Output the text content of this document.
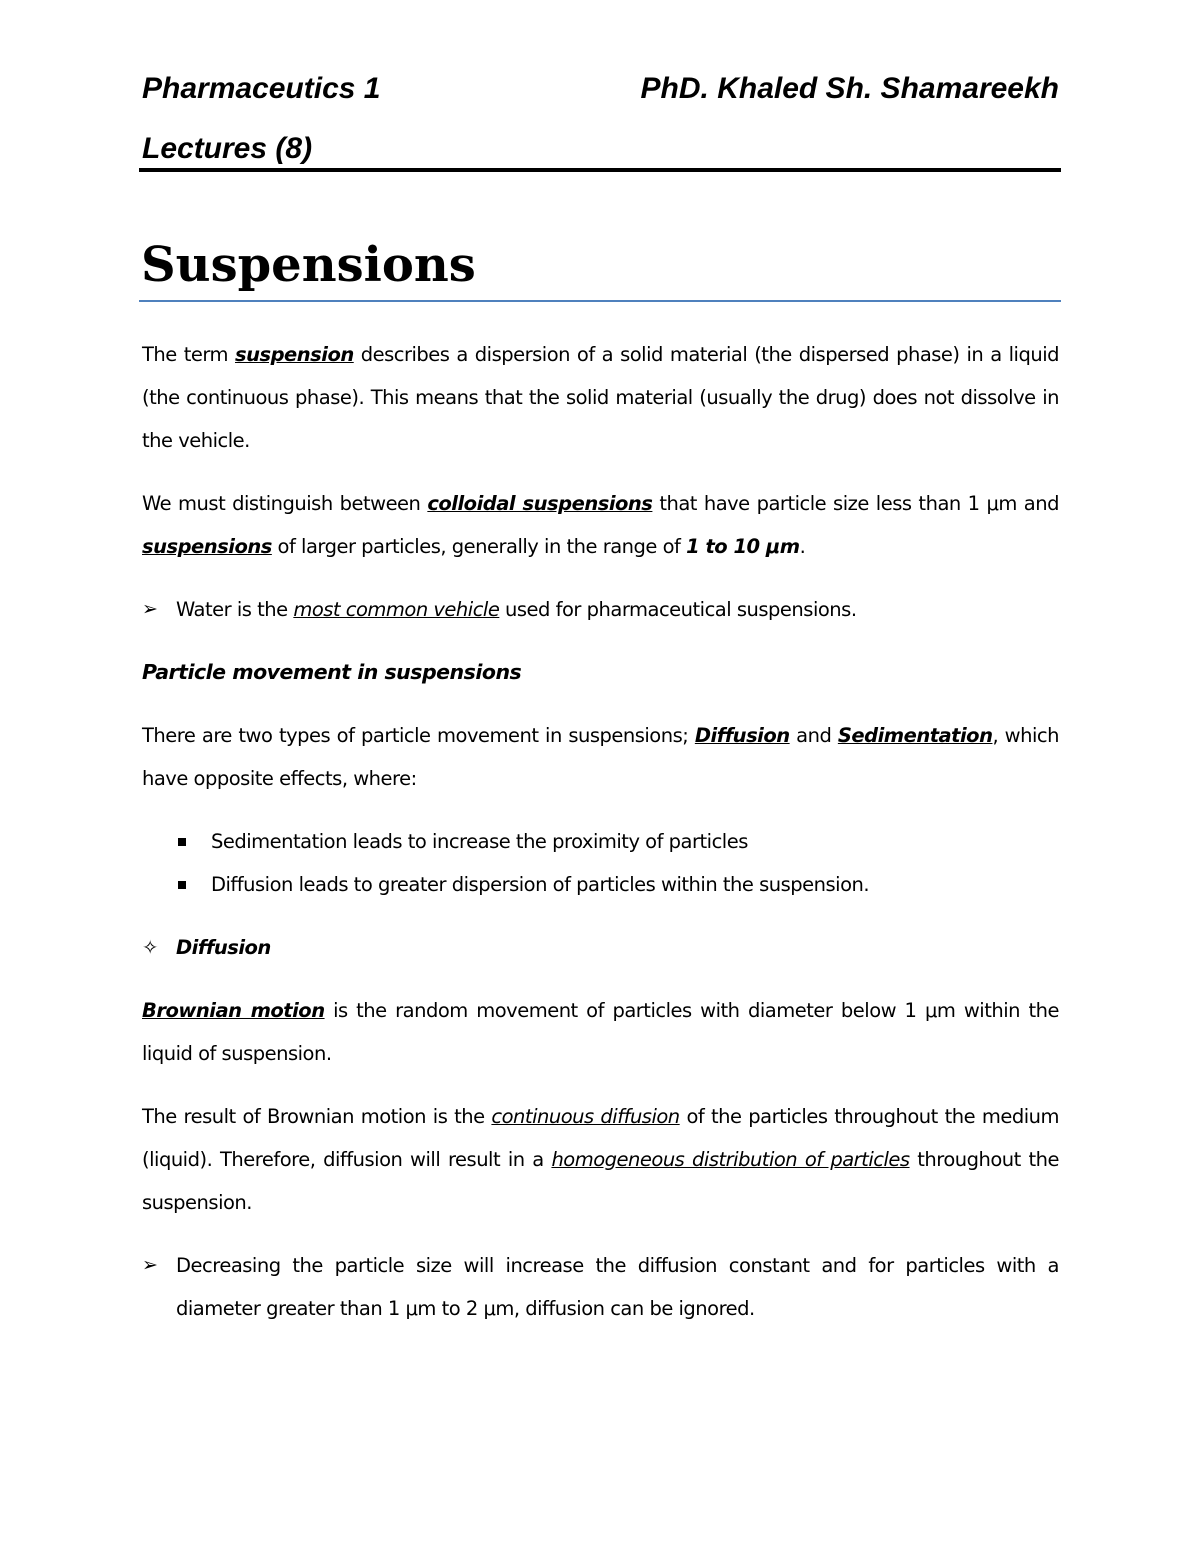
Pharmaceutics 1	PhD. Khaled Sh. Shamareekh
Lectures (8)
Suspensions

The term suspension describes a dispersion of a solid material (the dispersed phase) in a liquid (the continuous phase). This means that the solid material (usually the drug) does not dissolve in the vehicle.

We must distinguish between colloidal suspensions that have particle size less than 1 μm and suspensions of larger particles, generally in the range of 1 to 10 μm.

➢ Water is the most common vehicle used for pharmaceutical suspensions.
Particle movement in suspensions

There are two types of particle movement in suspensions; Diffusion and Sedimentation, which have opposite effects, where:

Sedimentation leads to increase the proximity of particles
Diffusion leads to greater dispersion of particles within the suspension.
✧ Diffusion

Brownian motion is the random movement of particles with diameter below 1 μm within the liquid of suspension.

The result of Brownian motion is the continuous diffusion of the particles throughout the medium (liquid). Therefore, diffusion will result in a homogeneous distribution of particles throughout the suspension.

➢ Decreasing the particle size will increase the diffusion constant and for particles with a diameter greater than 1 μm to 2 μm, diffusion can be ignored.
